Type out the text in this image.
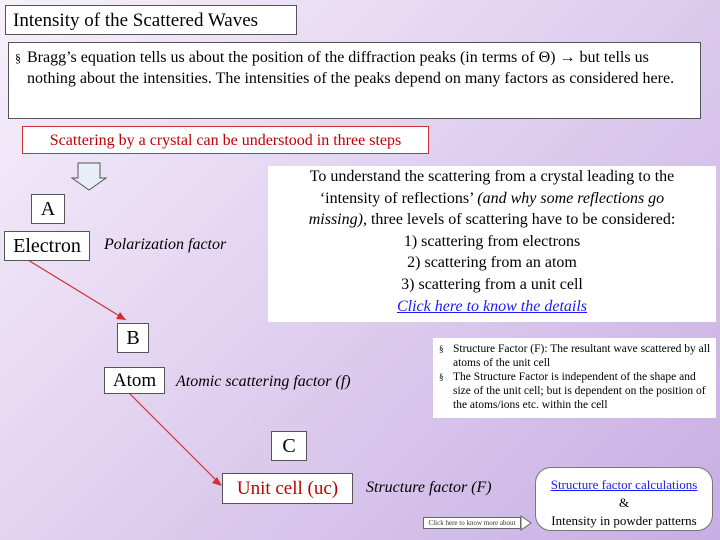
Intensity of the Scattered Waves
§ Bragg’s equation tells us about the position of the diffraction peaks (in terms of Θ) → but tells us nothing about the intensities. The intensities of the peaks depend on many factors as considered here.
Scattering by a crystal can be understood in three steps
To understand the scattering from a crystal leading to the
‘intensity of reflections’ (and why some reflections go
missing), three levels of scattering have to be considered:
1) scattering from electrons
2) scattering from an atom
3) scattering from a unit cell
Click here to know the details
A
Electron	Polarization factor
B
Atom	Atomic scattering factor (f)
§ Structure Factor (F): The resultant wave scattered by all atoms of the unit cell
§ The Structure Factor is independent of the shape and size of the unit cell; but is dependent on the position of the atoms/ions etc. within the cell
C
Unit cell (uc)	Structure factor (F)
Click here to know more about
Structure factor calculations
&
Intensity in powder patterns
